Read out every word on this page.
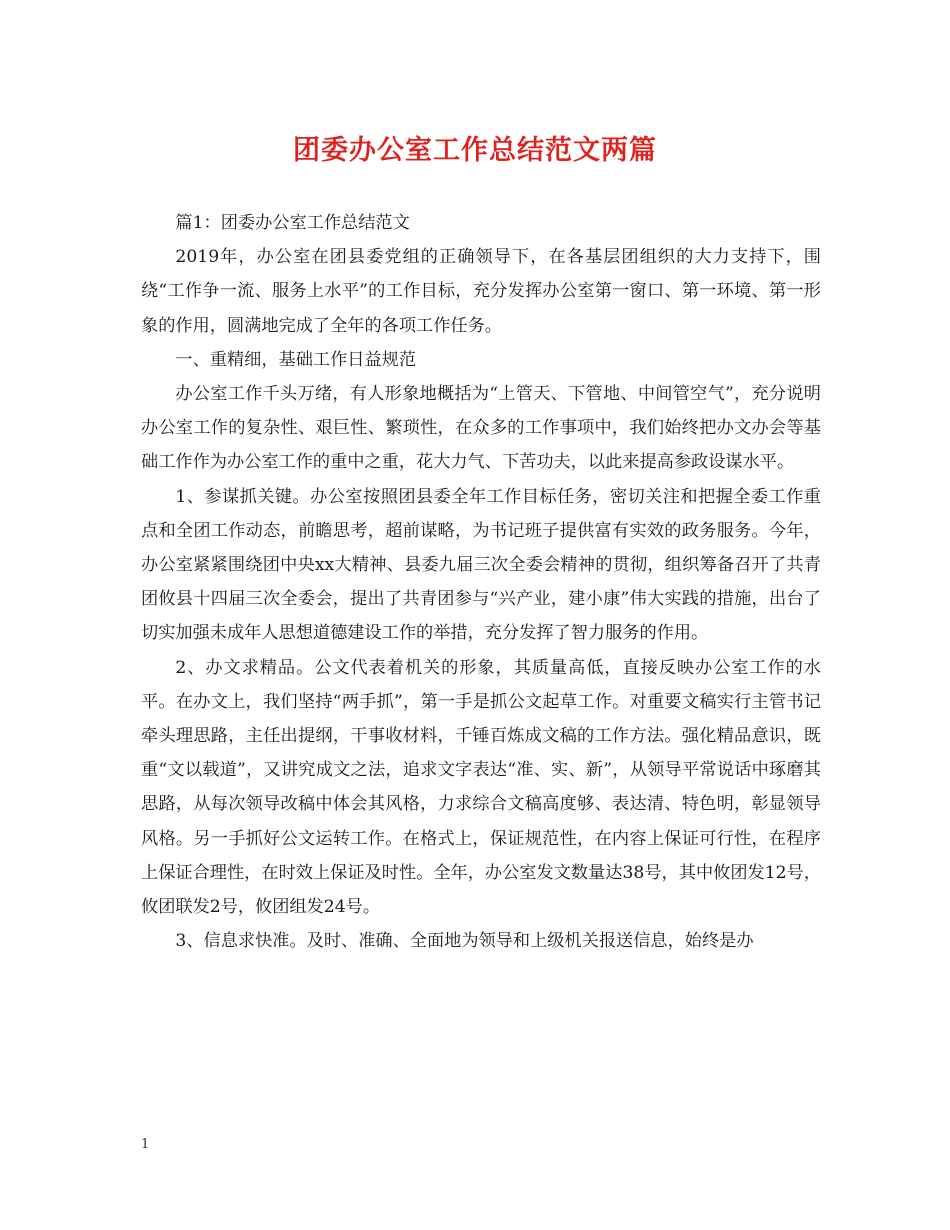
团委办公室工作总结范文两篇

篇1：团委办公室工作总结范文

2019年，办公室在团县委党组的正确领导下，在各基层团组织的大力支持下，围绕“工作争一流、服务上水平”的工作目标，充分发挥办公室第一窗口、第一环境、第一形象的作用，圆满地完成了全年的各项工作任务。

一、重精细，基础工作日益规范

办公室工作千头万绪，有人形象地概括为“上管天、下管地、中间管空气”，充分说明办公室工作的复杂性、艰巨性、繁琐性，在众多的工作事项中，我们始终把办文办会等基础工作作为办公室工作的重中之重，花大力气、下苦功夫，以此来提高参政设谋水平。

1、参谋抓关键。办公室按照团县委全年工作目标任务，密切关注和把握全委工作重点和全团工作动态，前瞻思考，超前谋略，为书记班子提供富有实效的政务服务。今年，办公室紧紧围绕团中央xx大精神、县委九届三次全委会精神的贯彻，组织筹备召开了共青团攸县十四届三次全委会，提出了共青团参与“兴产业，建小康”伟大实践的措施，出台了切实加强未成年人思想道德建设工作的举措，充分发挥了智力服务的作用。

2、办文求精品。公文代表着机关的形象，其质量高低，直接反映办公室工作的水平。在办文上，我们坚持“两手抓”，第一手是抓公文起草工作。对重要文稿实行主管书记牵头理思路，主任出提纲，干事收材料，千锤百炼成文稿的工作方法。强化精品意识，既重“文以载道”，又讲究成文之法，追求文字表达“准、实、新”，从领导平常说话中琢磨其思路，从每次领导改稿中体会其风格，力求综合文稿高度够、表达清、特色明，彰显领导风格。另一手抓好公文运转工作。在格式上，保证规范性，在内容上保证可行性，在程序上保证合理性，在时效上保证及时性。全年，办公室发文数量达38号，其中攸团发12号，攸团联发2号，攸团组发24号。

3、信息求快准。及时、准确、全面地为领导和上级机关报送信息，始终是办

1
